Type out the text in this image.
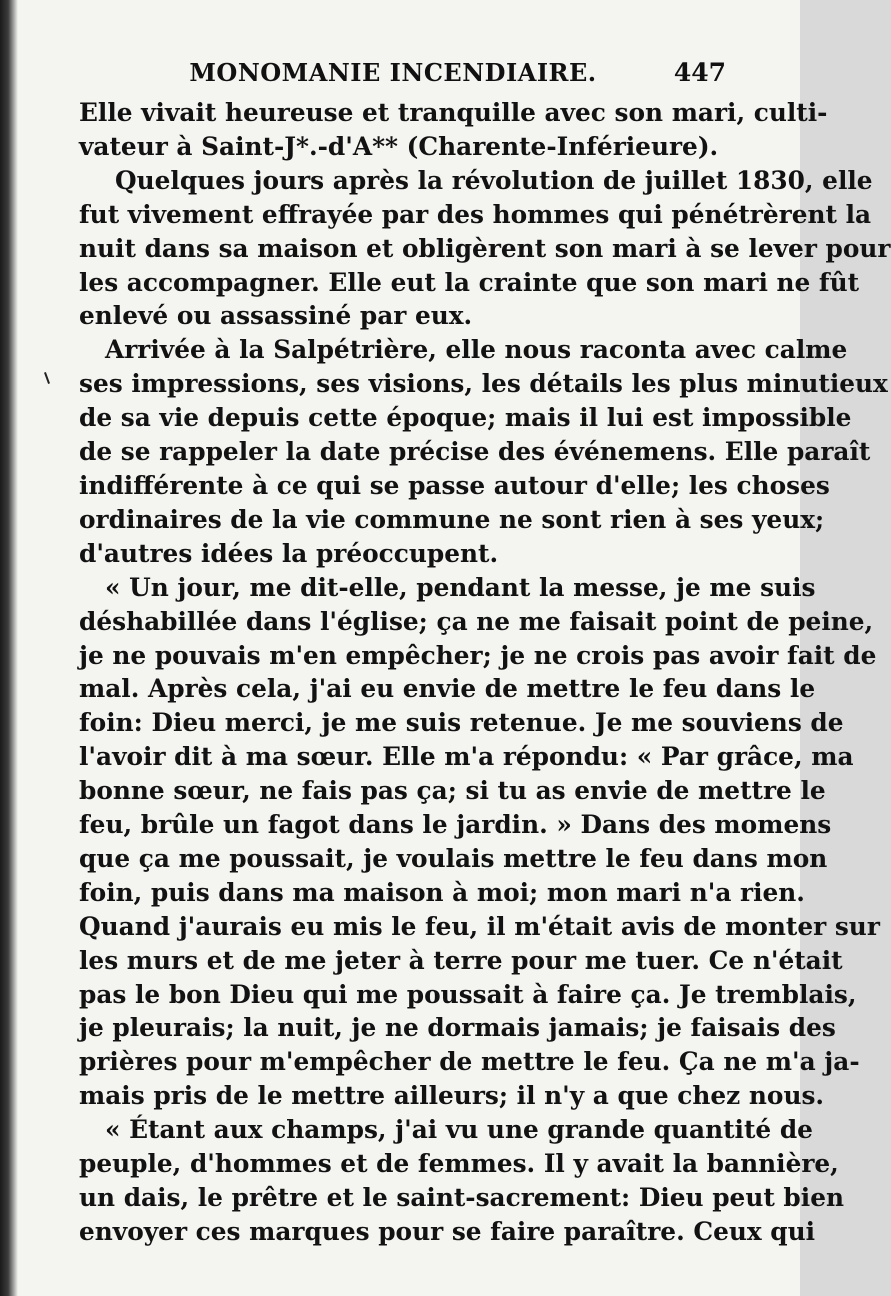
MONOMANIE INCENDIAIRE.	447
Elle vivait heureuse et tranquille avec son mari, culti-
vateur à Saint-J*.-d'A** (Charente-Inférieure).
Quelques jours après la révolution de juillet 1830, elle
fut vivement effrayée par des hommes qui pénétrèrent la
nuit dans sa maison et obligèrent son mari à se lever pour
les accompagner. Elle eut la crainte que son mari ne fût
enlevé ou assassiné par eux.
Arrivée à la Salpétrière, elle nous raconta avec calme
ses impressions, ses visions, les détails les plus minutieux
de sa vie depuis cette époque; mais il lui est impossible
de se rappeler la date précise des événemens. Elle paraît
indifférente à ce qui se passe autour d'elle; les choses
ordinaires de la vie commune ne sont rien à ses yeux;
d'autres idées la préoccupent.
« Un jour, me dit-elle, pendant la messe, je me suis
déshabillée dans l'église; ça ne me faisait point de peine,
je ne pouvais m'en empêcher; je ne crois pas avoir fait de
mal. Après cela, j'ai eu envie de mettre le feu dans le
foin: Dieu merci, je me suis retenue. Je me souviens de
l'avoir dit à ma sœur. Elle m'a répondu: « Par grâce, ma
bonne sœur, ne fais pas ça; si tu as envie de mettre le
feu, brûle un fagot dans le jardin. » Dans des momens
que ça me poussait, je voulais mettre le feu dans mon
foin, puis dans ma maison à moi; mon mari n'a rien.
Quand j'aurais eu mis le feu, il m'était avis de monter sur
les murs et de me jeter à terre pour me tuer. Ce n'était
pas le bon Dieu qui me poussait à faire ça. Je tremblais,
je pleurais; la nuit, je ne dormais jamais; je faisais des
prières pour m'empêcher de mettre le feu. Ça ne m'a ja-
mais pris de le mettre ailleurs; il n'y a que chez nous.
« Étant aux champs, j'ai vu une grande quantité de
peuple, d'hommes et de femmes. Il y avait la bannière,
un dais, le prêtre et le saint-sacrement: Dieu peut bien
envoyer ces marques pour se faire paraître. Ceux qui
